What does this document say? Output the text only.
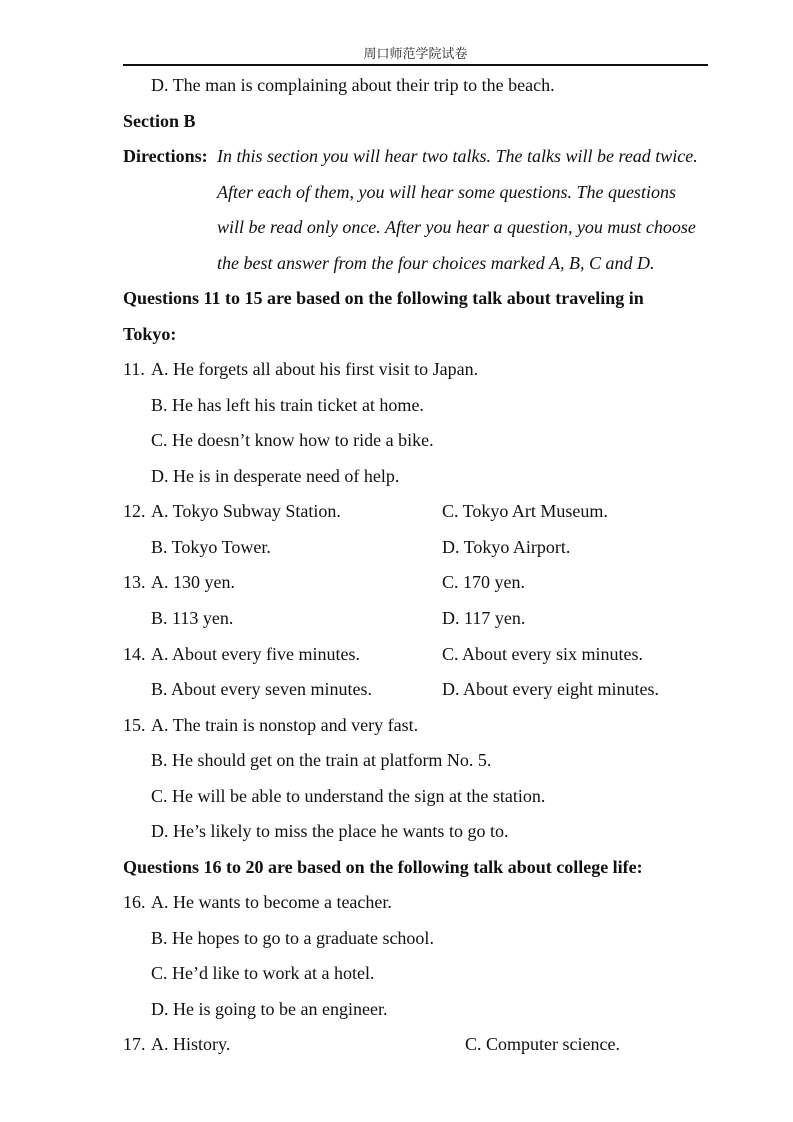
周口师范学院试卷
D. The man is complaining about their trip to the beach.
Section B
Directions: In this section you will hear two talks. The talks will be read twice.
After each of them, you will hear some questions. The questions
will be read only once. After you hear a question, you must choose
the best answer from the four choices marked A, B, C and D.
Questions 11 to 15 are based on the following talk about traveling in
Tokyo:
11. A. He forgets all about his first visit to Japan.
B. He has left his train ticket at home.
C. He doesn’t know how to ride a bike.
D. He is in desperate need of help.
12. A. Tokyo Subway Station.	C. Tokyo Art Museum.
B. Tokyo Tower.	D. Tokyo Airport.
13. A. 130 yen.	C. 170 yen.
B. 113 yen.	D. 117 yen.
14. A. About every five minutes.	C. About every six minutes.
B. About every seven minutes.	D. About every eight minutes.
15. A. The train is nonstop and very fast.
B. He should get on the train at platform No. 5.
C. He will be able to understand the sign at the station.
D. He’s likely to miss the place he wants to go to.
Questions 16 to 20 are based on the following talk about college life:
16. A. He wants to become a teacher.
B. He hopes to go to a graduate school.
C. He’d like to work at a hotel.
D. He is going to be an engineer.
17. A. History.	C. Computer science.
